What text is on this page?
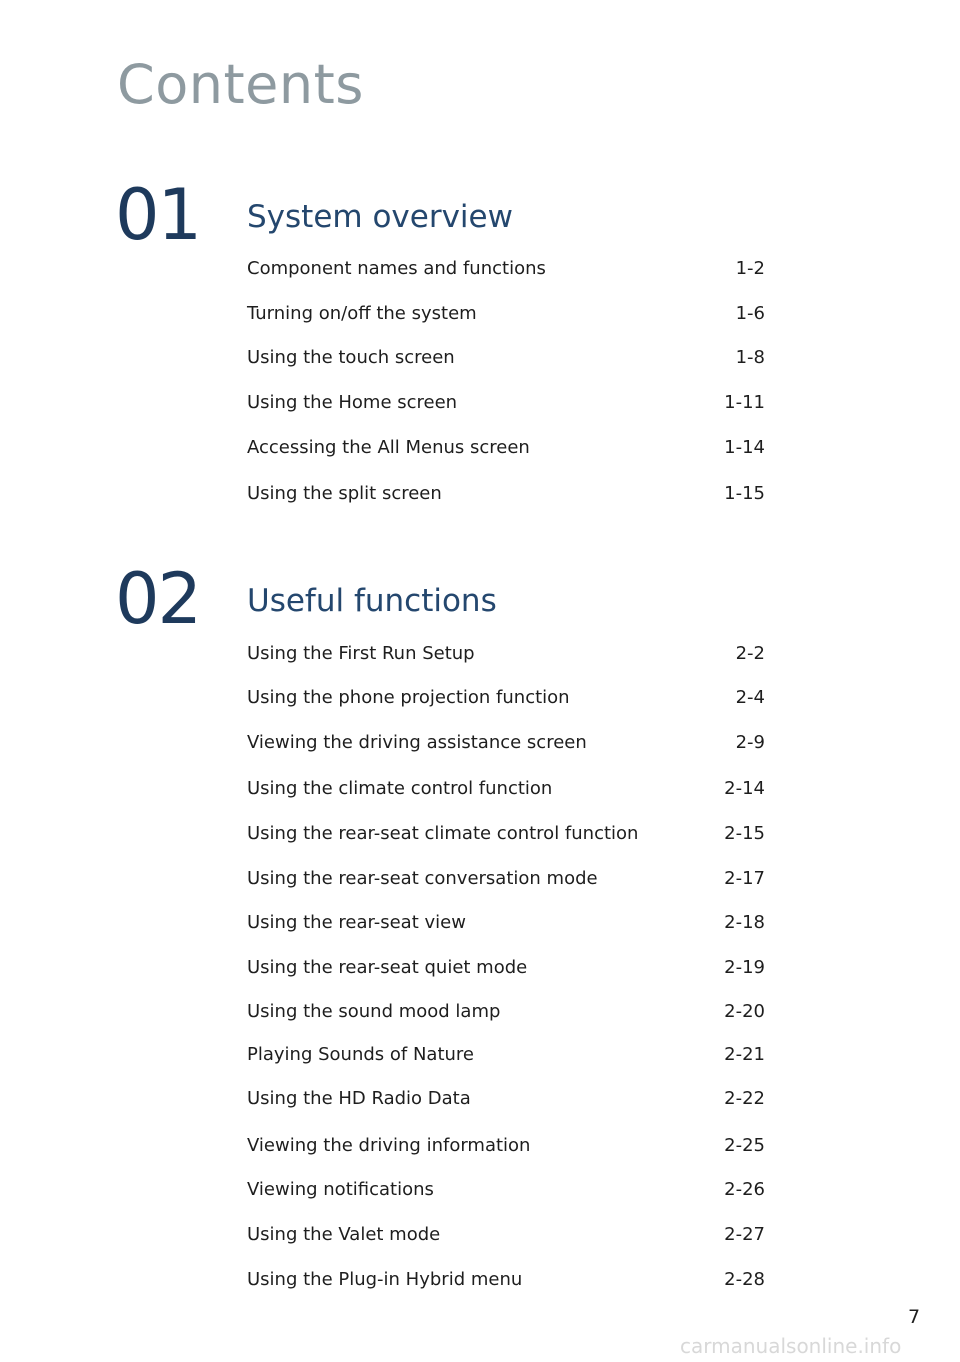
Contents
01 System overview
Component names and functions	1-2
Turning on/off the system	1-6
Using the touch screen	1-8
Using the Home screen	1-11
Accessing the All Menus screen	1-14
Using the split screen	1-15
02 Useful functions
Using the First Run Setup	2-2
Using the phone projection function	2-4
Viewing the driving assistance screen	2-9
Using the climate control function	2-14
Using the rear-seat climate control function	2-15
Using the rear-seat conversation mode	2-17
Using the rear-seat view	2-18
Using the rear-seat quiet mode	2-19
Using the sound mood lamp	2-20
Playing Sounds of Nature	2-21
Using the HD Radio Data	2-22
Viewing the driving information	2-25
Viewing notifications	2-26
Using the Valet mode	2-27
Using the Plug-in Hybrid menu	2-28
7
carmanualsonline.info
